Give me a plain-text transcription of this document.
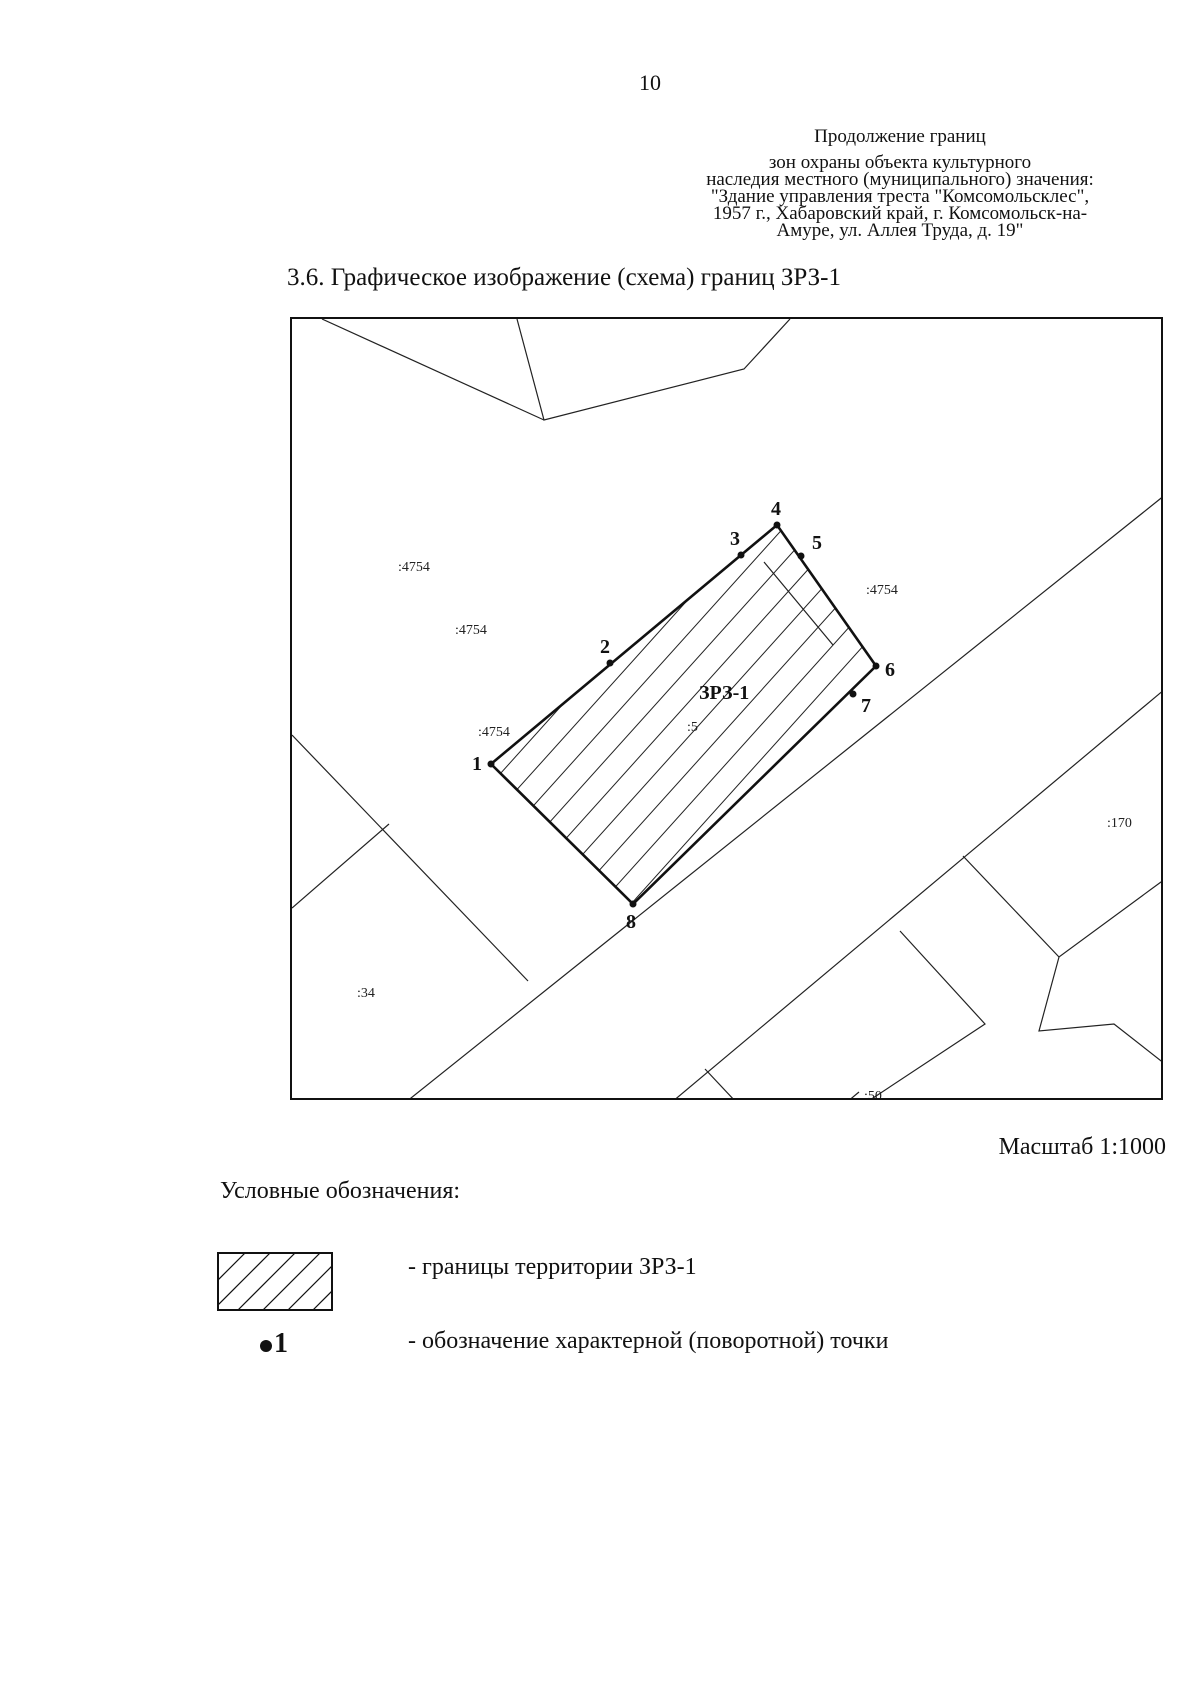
10
Продолжение границ
зон охраны объекта культурного
наследия местного (муниципального) значения:
"Здание управления треста "Комсомольсклес",
1957 г., Хабаровский край, г. Комсомольск-на-
Амуре, ул. Аллея Труда, д. 19"
3.6. Графическое изображение (схема) границ ЗРЗ-1
1
2
3
4
5
6
7
8
ЗРЗ-1
:4754
:4754
:4754
:4754	:5
:170
:34
:50
Масштаб 1:1000
Условные обозначения:
- границы территории ЗРЗ-1
1	- обозначение характерной (поворотной) точки
